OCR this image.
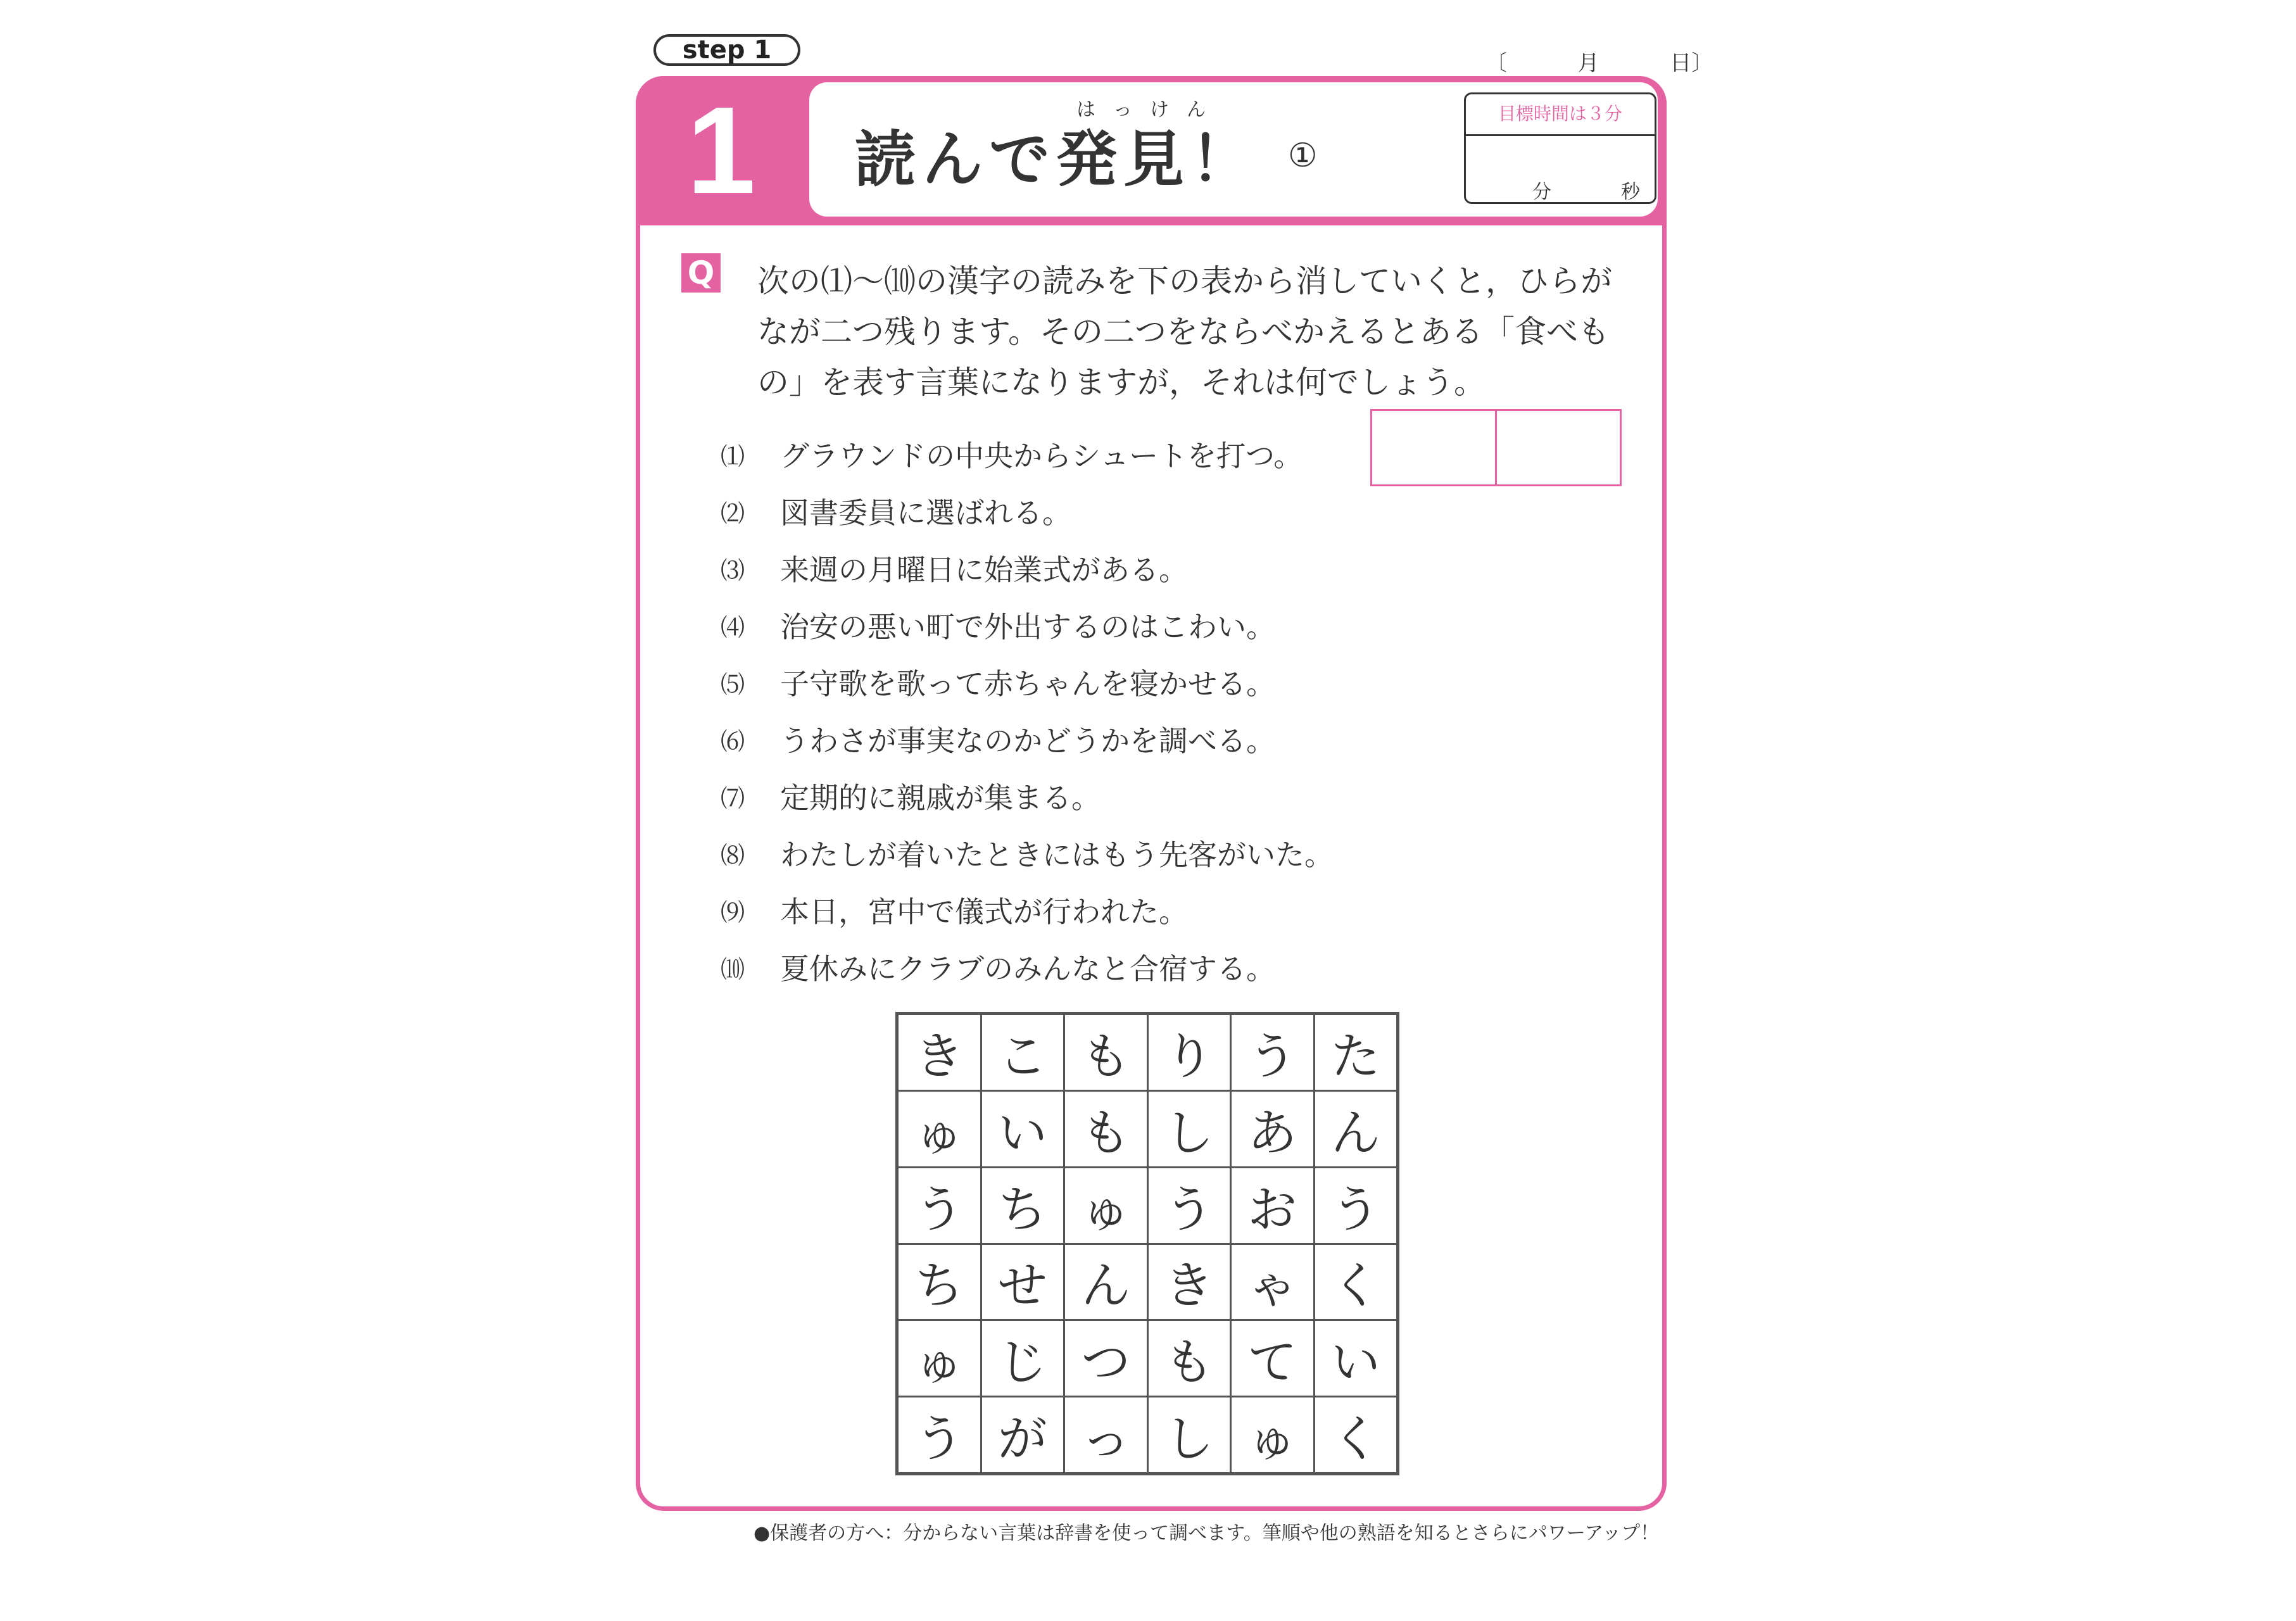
step 1	〔	月	日〕
1	はっけん
読んで発見！ ①
目標時間は３分
分	秒
Q 次の⑴〜⑽の漢字の読みを下の表から消していくと，ひらが
なが二つ残ります。その二つをならべかえるとある「食べも
の」を表す言葉になりますが，それは何でしょう。
⑴ グラウンドの中央からシュートを打つ。
⑵ 図書委員に選ばれる。
⑶ 来週の月曜日に始業式がある。
⑷ 治安の悪い町で外出するのはこわい。
⑸ 子守歌を歌って赤ちゃんを寝かせる。
⑹ うわさが事実なのかどうかを調べる。
⑺ 定期的に親戚が集まる。
⑻ わたしが着いたときにはもう先客がいた。
⑼ 本日，宮中で儀式が行われた。
⑽ 夏休みにクラブのみんなと合宿する。
き こ も り う た
ゅ い も し あ ん
う ち ゅ う お う
ち せ ん き ゃ く
ゅ じ つ も て い
う が っ し ゅ く
●保護者の方へ：分からない言葉は辞書を使って調べます。筆順や他の熟語を知るとさらにパワーアップ！
